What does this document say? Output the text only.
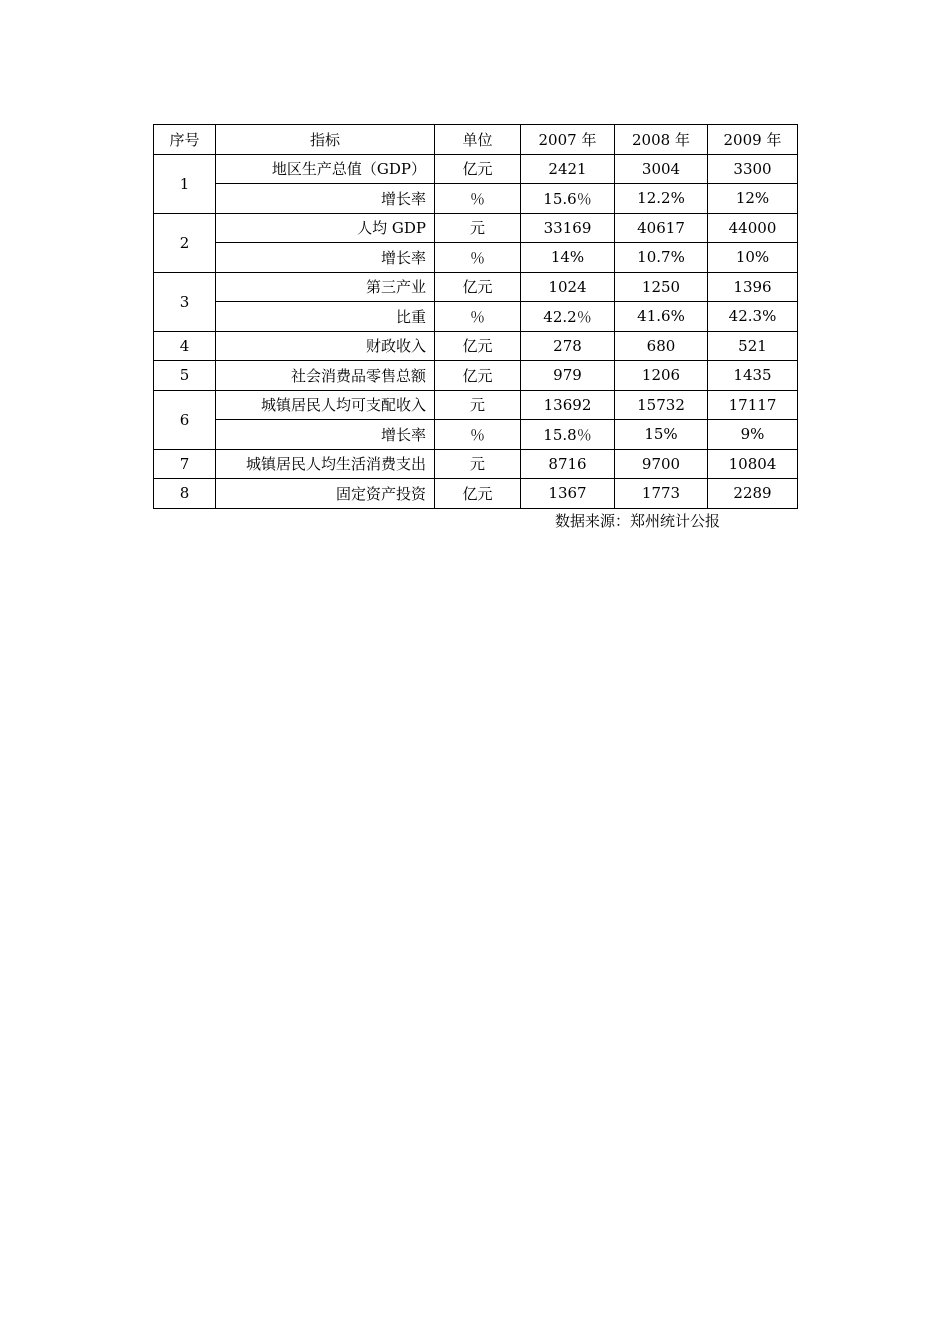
序号	指标	单位	2007 年	2008 年	2009 年
1	地区生产总值（GDP）	亿元	2421	3004	3300
	增长率	％	15.6％	12.2%	12%
2	人均 GDP	元	33169	40617	44000
	增长率	％	14%	10.7%	10%
3	第三产业	亿元	1024	1250	1396
	比重	％	42.2％	41.6%	42.3%
4	财政收入	亿元	278	680	521
5	社会消费品零售总额	亿元	979	1206	1435
6	城镇居民人均可支配收入	元	13692	15732	17117
	增长率	％	15.8％	15%	9%
7	城镇居民人均生活消费支出	元	8716	9700	10804
8	固定资产投资	亿元	1367	1773	2289
数据来源：郑州统计公报
